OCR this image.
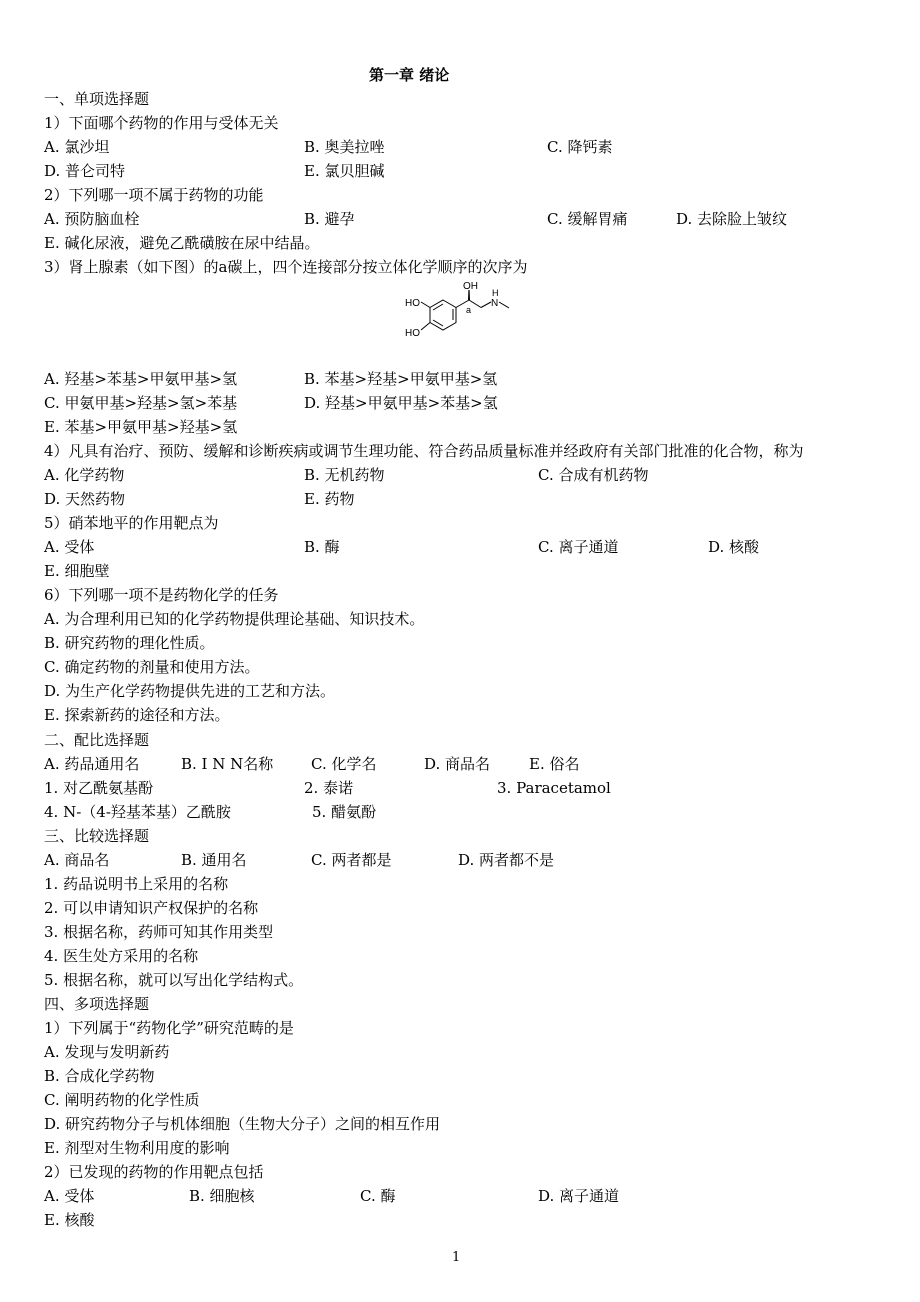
第一章 绪论
一、单项选择题
1）下面哪个药物的作用与受体无关
A. 氯沙坦	B. 奥美拉唑	C. 降钙素
D. 普仑司特	E. 氯贝胆碱
2）下列哪一项不属于药物的功能
A. 预防脑血栓	B. 避孕	C. 缓解胃痛	D. 去除脸上皱纹
E. 碱化尿液，避免乙酰磺胺在尿中结晶。
3）肾上腺素（如下图）的a碳上，四个连接部分按立体化学顺序的次序为
A. 羟基>苯基>甲氨甲基>氢	B. 苯基>羟基>甲氨甲基>氢
C. 甲氨甲基>羟基>氢>苯基	D. 羟基>甲氨甲基>苯基>氢
E. 苯基>甲氨甲基>羟基>氢
4）凡具有治疗、预防、缓解和诊断疾病或调节生理功能、符合药品质量标准并经政府有关部门批准的化合物，称为
A. 化学药物	B. 无机药物	C. 合成有机药物
D. 天然药物	E. 药物
5）硝苯地平的作用靶点为
A. 受体	B. 酶	C. 离子通道	D. 核酸
E. 细胞壁
6）下列哪一项不是药物化学的任务
A. 为合理利用已知的化学药物提供理论基础、知识技术。
B. 研究药物的理化性质。
C. 确定药物的剂量和使用方法。
D. 为生产化学药物提供先进的工艺和方法。
E. 探索新药的途径和方法。
二、配比选择题
A. 药品通用名	B. I N N名称	C. 化学名	D. 商品名	E. 俗名
1. 对乙酰氨基酚	2. 泰诺	3. Paracetamol
4. N-（4-羟基苯基）乙酰胺	5. 醋氨酚
三、比较选择题
A. 商品名	B. 通用名	C. 两者都是	D. 两者都不是
1. 药品说明书上采用的名称
2. 可以申请知识产权保护的名称
3. 根据名称，药师可知其作用类型
4. 医生处方采用的名称
5. 根据名称，就可以写出化学结构式。
四、多项选择题
1）下列属于“药物化学”研究范畴的是
A. 发现与发明新药
B. 合成化学药物
C. 阐明药物的化学性质
D. 研究药物分子与机体细胞（生物大分子）之间的相互作用
E. 剂型对生物利用度的影响
2）已发现的药物的作用靶点包括
A. 受体	B. 细胞核	C. 酶	D. 离子通道
E. 核酸
HO
HO
OH
a
H
N
1
